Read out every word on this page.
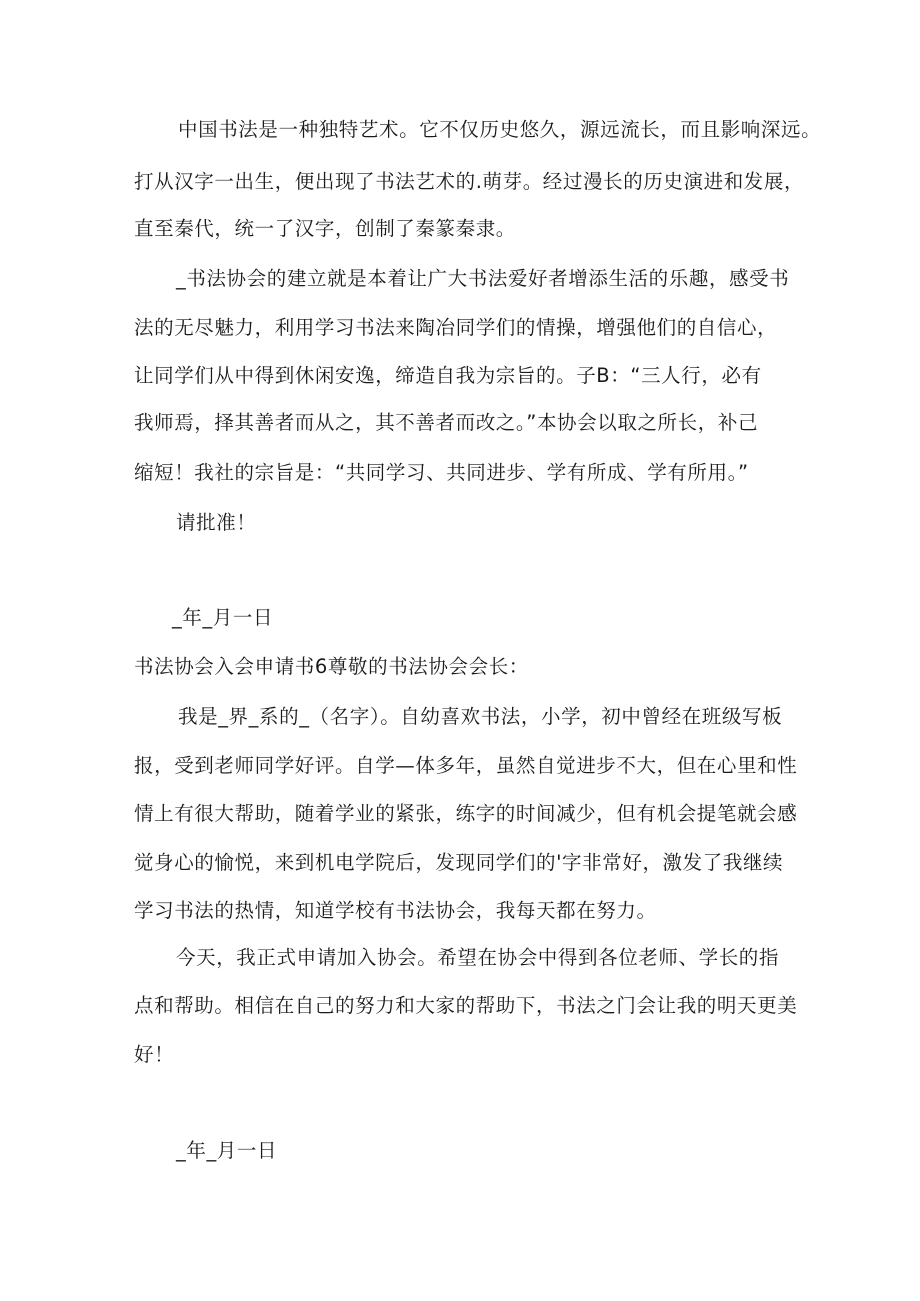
中国书法是一种独特艺术。它不仅历史悠久，源远流长，而且影响深远。
打从汉字一出生，便出现了书法艺术的.萌芽。经过漫长的历史演进和发展，
直至秦代，统一了汉字，创制了秦篆秦隶。
_书法协会的建立就是本着让广大书法爱好者增添生活的乐趣，感受书
法的无尽魅力，利用学习书法来陶冶同学们的情操，增强他们的自信心，
让同学们从中得到休闲安逸，缔造自我为宗旨的。子B：“三人行，必有
我师焉，择其善者而从之，其不善者而改之。”本协会以取之所长，补己
缩短！我社的宗旨是：“共同学习、共同进步、学有所成、学有所用。”
请批准！
_年_月一日
书法协会入会申请书6尊敬的书法协会会长：
我是_界_系的_（名字）。自幼喜欢书法，小学，初中曾经在班级写板
报，受到老师同学好评。自学—体多年，虽然自觉进步不大，但在心里和性
情上有很大帮助，随着学业的紧张，练字的时间减少，但有机会提笔就会感
觉身心的愉悦，来到机电学院后，发现同学们的'字非常好，激发了我继续
学习书法的热情，知道学校有书法协会，我每天都在努力。
今天，我正式申请加入协会。希望在协会中得到各位老师、学长的指
点和帮助。相信在自己的努力和大家的帮助下，书法之门会让我的明天更美
好！
_年_月一日
